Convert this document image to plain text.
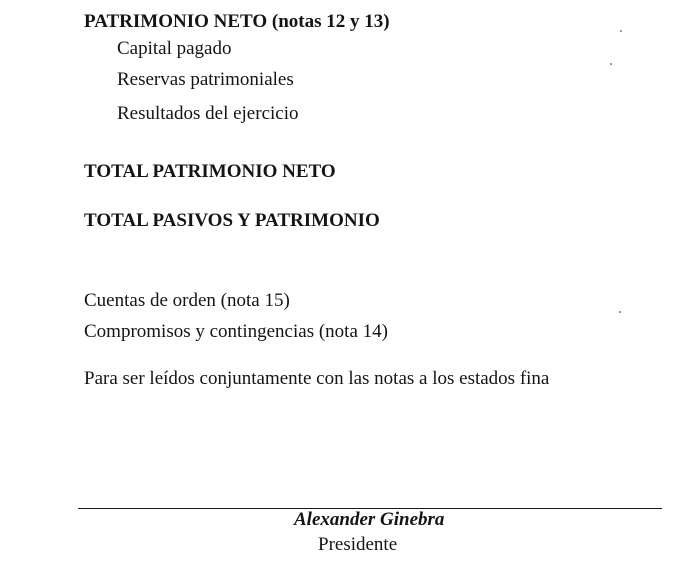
PATRIMONIO NETO (notas 12 y 13)
Capital pagado
Reservas patrimoniales
Resultados del ejercicio
TOTAL PATRIMONIO NETO
TOTAL PASIVOS Y PATRIMONIO
Cuentas de orden (nota 15)
Compromisos y contingencias (nota 14)
Para ser leídos conjuntamente con las notas a los estados fina
Alexander Ginebra
Presidente
